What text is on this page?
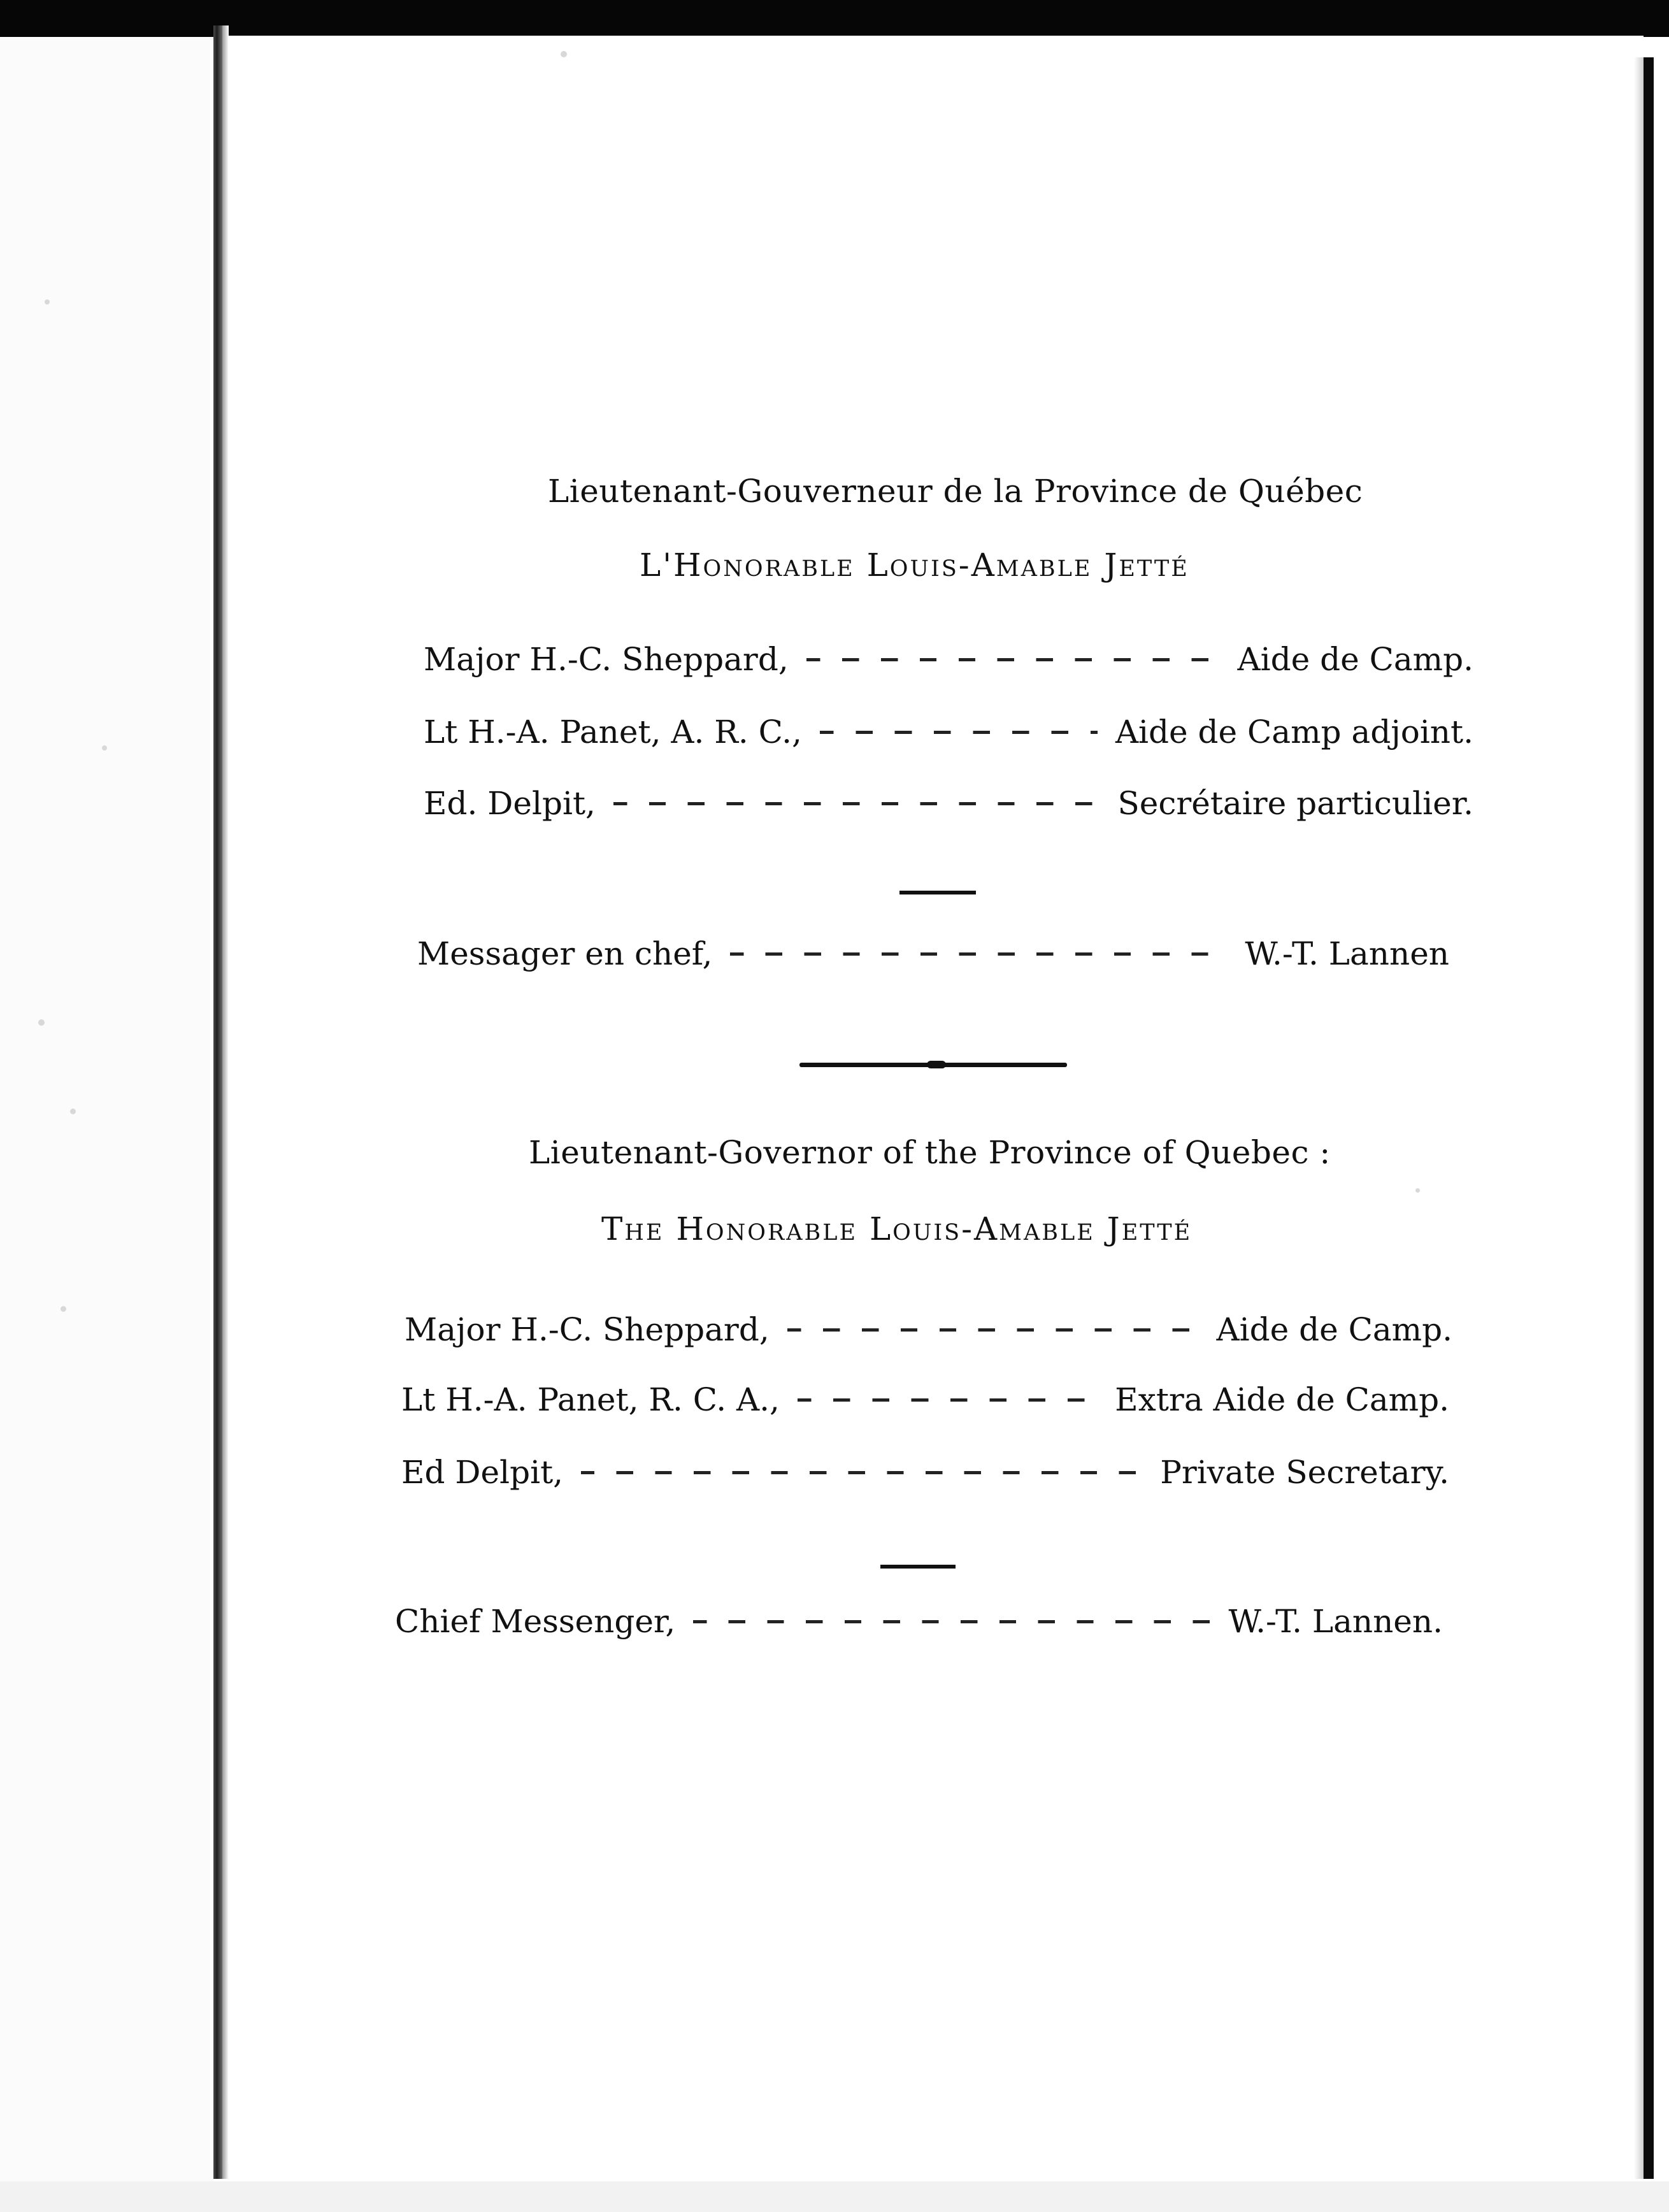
Lieutenant-Gouverneur de la Province de Québec
L'Honorable Louis-Amable Jetté
Major H.-C. Sheppard,	Aide de Camp.
Lt H.-A. Panet, A. R. C.,	Aide de Camp adjoint.
Ed. Delpit,	Secrétaire particulier.
Messager en chef,	W.-T. Lannen
Lieutenant-Governor of the Province of Quebec :
The Honorable Louis-Amable Jetté
Major H.-C. Sheppard,	Aide de Camp.
Lt H.-A. Panet, R. C. A.,	Extra Aide de Camp.
Ed Delpit,	Private Secretary.
Chief Messenger,	W.-T. Lannen.
